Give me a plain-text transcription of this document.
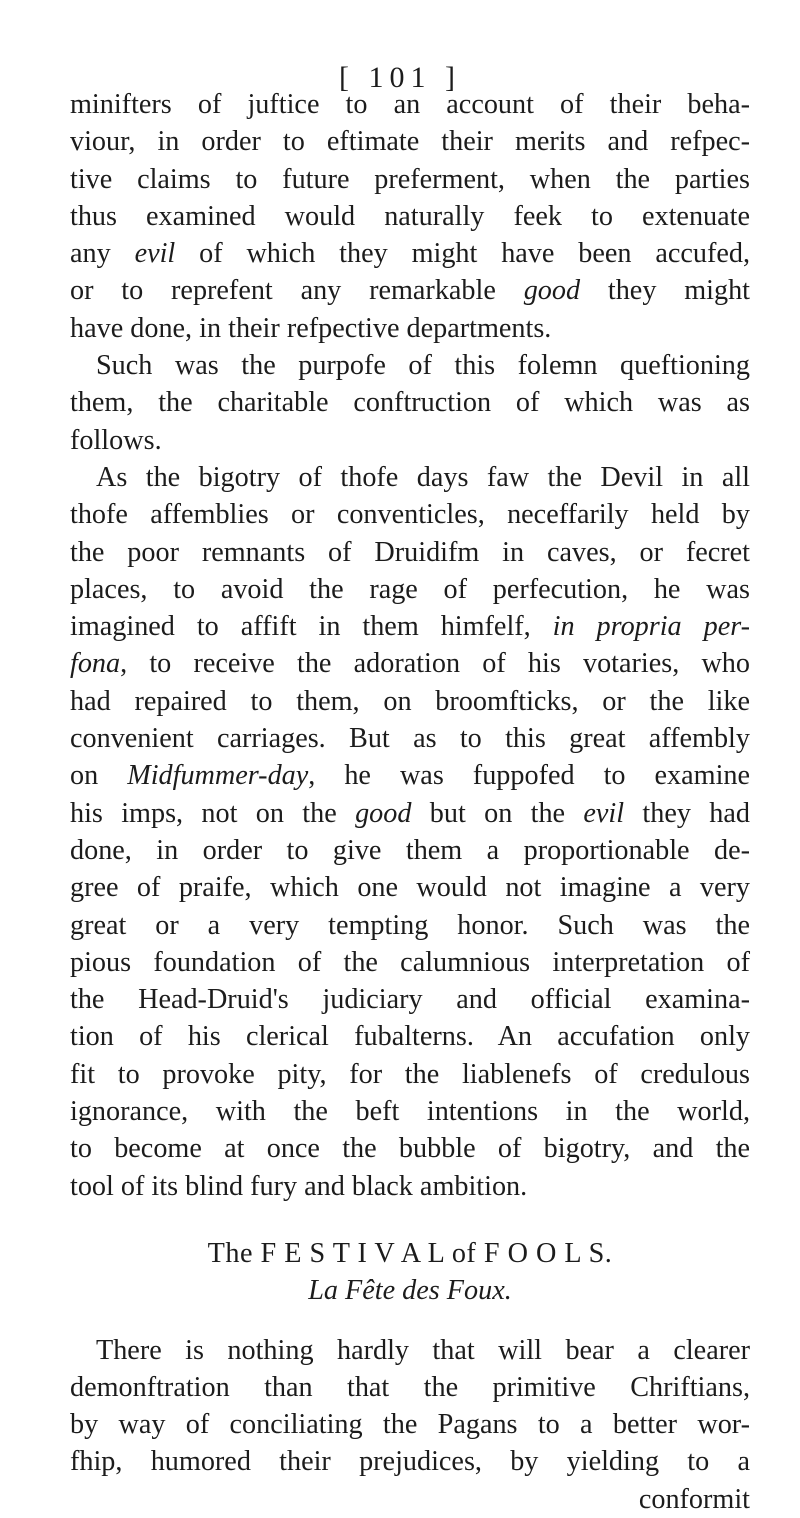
[ 101 ]
minifters of juftice to an account of their beha-
viour, in order to eftimate their merits and refpec-
tive claims to future preferment, when the parties
thus examined would naturally feek to extenuate
any evil of which they might have been accufed,
or to reprefent any remarkable good they might
have done, in their refpective departments.
Such was the purpofe of this folemn queftioning
them, the charitable conftruction of which was as
follows.
As the bigotry of thofe days faw the Devil in all
thofe affemblies or conventicles, neceffarily held by
the poor remnants of Druidifm in caves, or fecret
places, to avoid the rage of perfecution, he was
imagined to affift in them himfelf, in propria per-
fona, to receive the adoration of his votaries, who
had repaired to them, on broomfticks, or the like
convenient carriages. But as to this great affembly
on Midfummer-day, he was fuppofed to examine
his imps, not on the good but on the evil they had
done, in order to give them a proportionable de-
gree of praife, which one would not imagine a very
great or a very tempting honor. Such was the
pious foundation of the calumnious interpretation of
the Head-Druid's judiciary and official examina-
tion of his clerical fubalterns. An accufation only
fit to provoke pity, for the liablenefs of credulous
ignorance, with the beft intentions in the world,
to become at once the bubble of bigotry, and the
tool of its blind fury and black ambition.
The F E S T I V A L of F O O L S.
La Fête des Foux.
There is nothing hardly that will bear a clearer
demonftration than that the primitive Chriftians,
by way of conciliating the Pagans to a better wor-
fhip, humored their prejudices, by yielding to a
conformit
